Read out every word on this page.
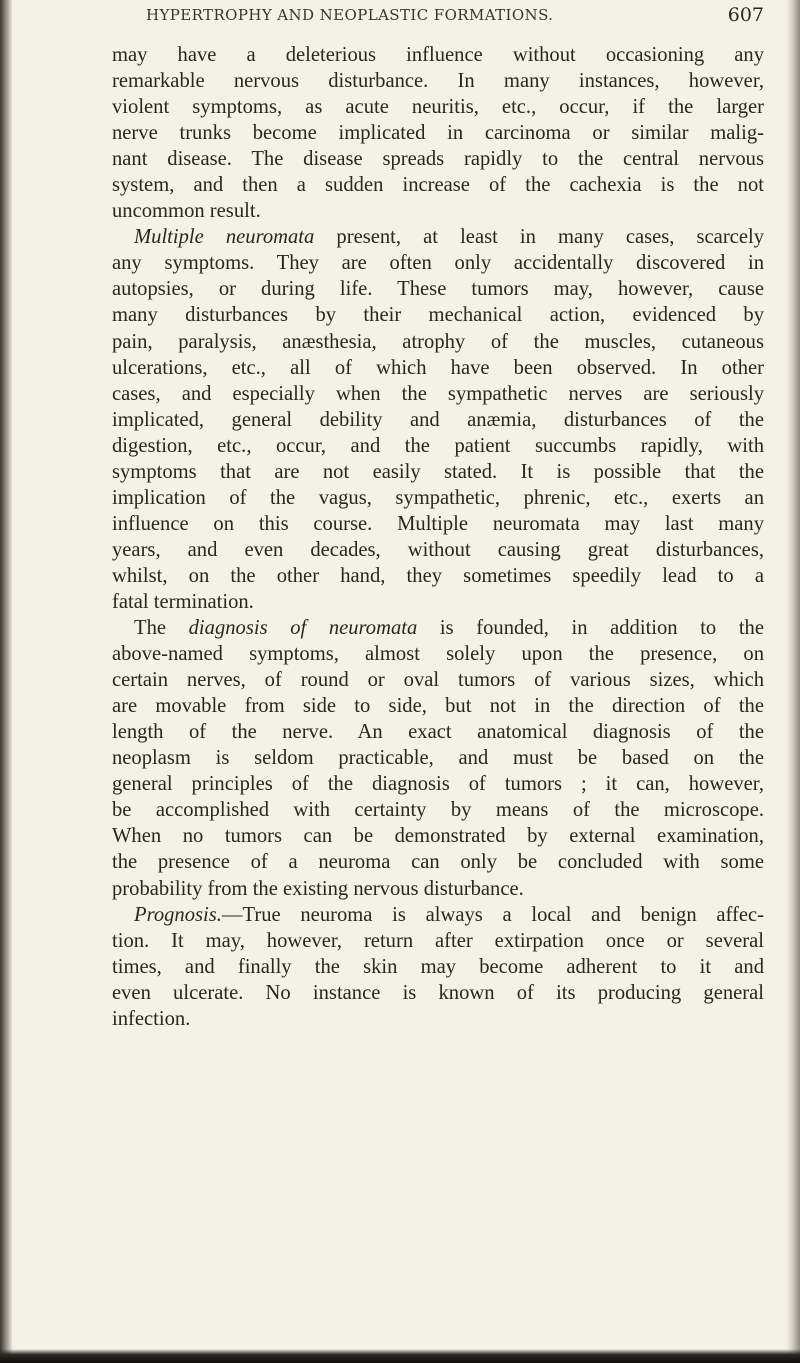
HYPERTROPHY AND NEOPLASTIC FORMATIONS.	607

may have a deleterious influence without occasioning any

remarkable nervous disturbance. In many instances, however,

violent symptoms, as acute neuritis, etc., occur, if the larger

nerve trunks become implicated in carcinoma or similar malig-

nant disease. The disease spreads rapidly to the central nervous

system, and then a sudden increase of the cachexia is the not

uncommon result.

Multiple neuromata present, at least in many cases, scarcely

any symptoms. They are often only accidentally discovered in

autopsies, or during life. These tumors may, however, cause

many disturbances by their mechanical action, evidenced by

pain, paralysis, anæsthesia, atrophy of the muscles, cutaneous

ulcerations, etc., all of which have been observed. In other

cases, and especially when the sympathetic nerves are seriously

implicated, general debility and anæmia, disturbances of the

digestion, etc., occur, and the patient succumbs rapidly, with

symptoms that are not easily stated. It is possible that the

implication of the vagus, sympathetic, phrenic, etc., exerts an

influence on this course. Multiple neuromata may last many

years, and even decades, without causing great disturbances,

whilst, on the other hand, they sometimes speedily lead to a

fatal termination.

The diagnosis of neuromata is founded, in addition to the

above-named symptoms, almost solely upon the presence, on

certain nerves, of round or oval tumors of various sizes, which

are movable from side to side, but not in the direction of the

length of the nerve. An exact anatomical diagnosis of the

neoplasm is seldom practicable, and must be based on the

general principles of the diagnosis of tumors ; it can, however,

be accomplished with certainty by means of the microscope.

When no tumors can be demonstrated by external examination,

the presence of a neuroma can only be concluded with some

probability from the existing nervous disturbance.

Prognosis.—True neuroma is always a local and benign affec-

tion. It may, however, return after extirpation once or several

times, and finally the skin may become adherent to it and

even ulcerate. No instance is known of its producing general

infection.
